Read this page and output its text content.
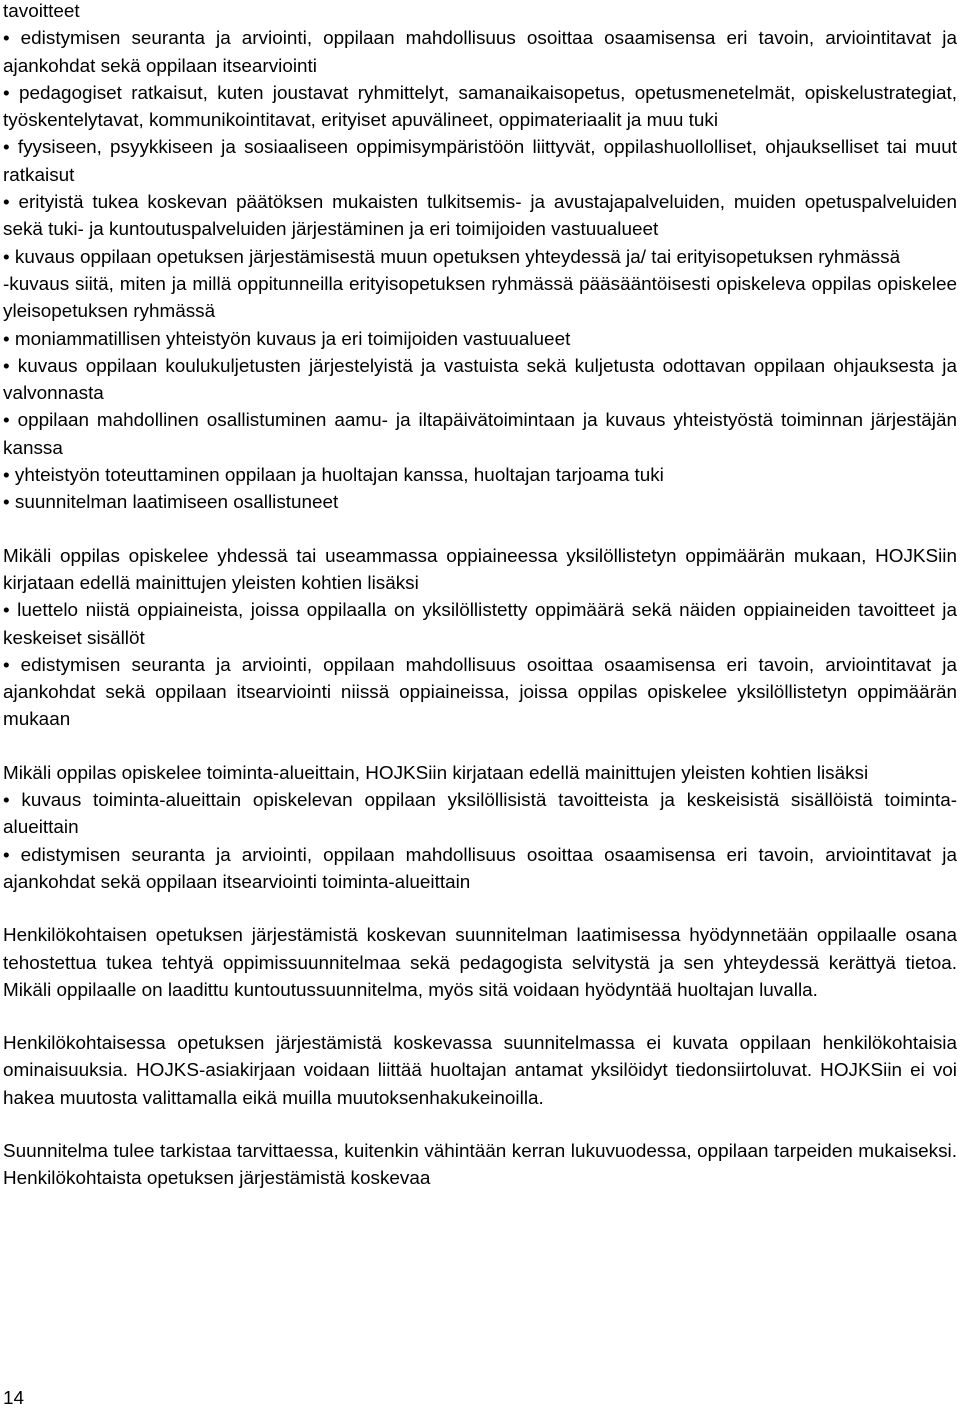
tavoitteet
• edistymisen seuranta ja arviointi, oppilaan mahdollisuus osoittaa osaamisensa eri tavoin, arviointitavat ja ajankohdat sekä oppilaan itsearviointi
• pedagogiset ratkaisut, kuten joustavat ryhmittelyt, samanaikaisopetus, opetusmenetelmät, opiskelustrategiat, työskentelytavat, kommunikointitavat, erityiset apuvälineet, oppimateriaalit ja muu tuki
• fyysiseen, psyykkiseen ja sosiaaliseen oppimisympäristöön liittyvät, oppilashuollolliset, ohjaukselliset tai muut ratkaisut
• erityistä tukea koskevan päätöksen mukaisten tulkitsemis- ja avustajapalveluiden, muiden opetuspalveluiden sekä tuki- ja kuntoutuspalveluiden järjestäminen ja eri toimijoiden vastuualueet
• kuvaus oppilaan opetuksen järjestämisestä muun opetuksen yhteydessä ja/ tai erityisopetuksen ryhmässä
-kuvaus siitä, miten ja millä oppitunneilla erityisopetuksen ryhmässä pääsääntöisesti opiskeleva oppilas opiskelee yleisopetuksen ryhmässä
• moniammatillisen yhteistyön kuvaus ja eri toimijoiden vastuualueet
• kuvaus oppilaan koulukuljetusten järjestelyistä ja vastuista sekä kuljetusta odottavan oppilaan ohjauksesta ja valvonnasta
• oppilaan mahdollinen osallistuminen aamu- ja iltapäivätoimintaan ja kuvaus yhteistyöstä toiminnan järjestäjän kanssa
• yhteistyön toteuttaminen oppilaan ja huoltajan kanssa, huoltajan tarjoama tuki
• suunnitelman laatimiseen osallistuneet
Mikäli oppilas opiskelee yhdessä tai useammassa oppiaineessa yksilöllistetyn oppimäärän mukaan, HOJKSiin kirjataan edellä mainittujen yleisten kohtien lisäksi
• luettelo niistä oppiaineista, joissa oppilaalla on yksilöllistetty oppimäärä sekä näiden oppiaineiden tavoitteet ja keskeiset sisällöt
• edistymisen seuranta ja arviointi, oppilaan mahdollisuus osoittaa osaamisensa eri tavoin, arviointitavat ja ajankohdat sekä oppilaan itsearviointi niissä oppiaineissa, joissa oppilas opiskelee yksilöllistetyn oppimäärän mukaan
Mikäli oppilas opiskelee toiminta-alueittain, HOJKSiin kirjataan edellä mainittujen yleisten kohtien lisäksi
• kuvaus toiminta-alueittain opiskelevan oppilaan yksilöllisistä tavoitteista ja keskeisistä sisällöistä toiminta-alueittain
• edistymisen seuranta ja arviointi, oppilaan mahdollisuus osoittaa osaamisensa eri tavoin, arviointitavat ja ajankohdat sekä oppilaan itsearviointi toiminta-alueittain
Henkilökohtaisen opetuksen järjestämistä koskevan suunnitelman laatimisessa hyödynnetään oppilaalle osana tehostettua tukea tehtyä oppimissuunnitelmaa sekä pedagogista selvitystä ja sen yhteydessä kerättyä tietoa. Mikäli oppilaalle on laadittu kuntoutussuunnitelma, myös sitä voidaan hyödyntää huoltajan luvalla.
Henkilökohtaisessa opetuksen järjestämistä koskevassa suunnitelmassa ei kuvata oppilaan henkilökohtaisia ominaisuuksia. HOJKS-asiakirjaan voidaan liittää huoltajan antamat yksilöidyt tiedonsiirtoluvat. HOJKSiin ei voi hakea muutosta valittamalla eikä muilla muutoksenhakukeinoilla.
Suunnitelma tulee tarkistaa tarvittaessa, kuitenkin vähintään kerran lukuvuodessa, oppilaan tarpeiden mukaiseksi. Henkilökohtaista opetuksen järjestämistä koskevaa
14
